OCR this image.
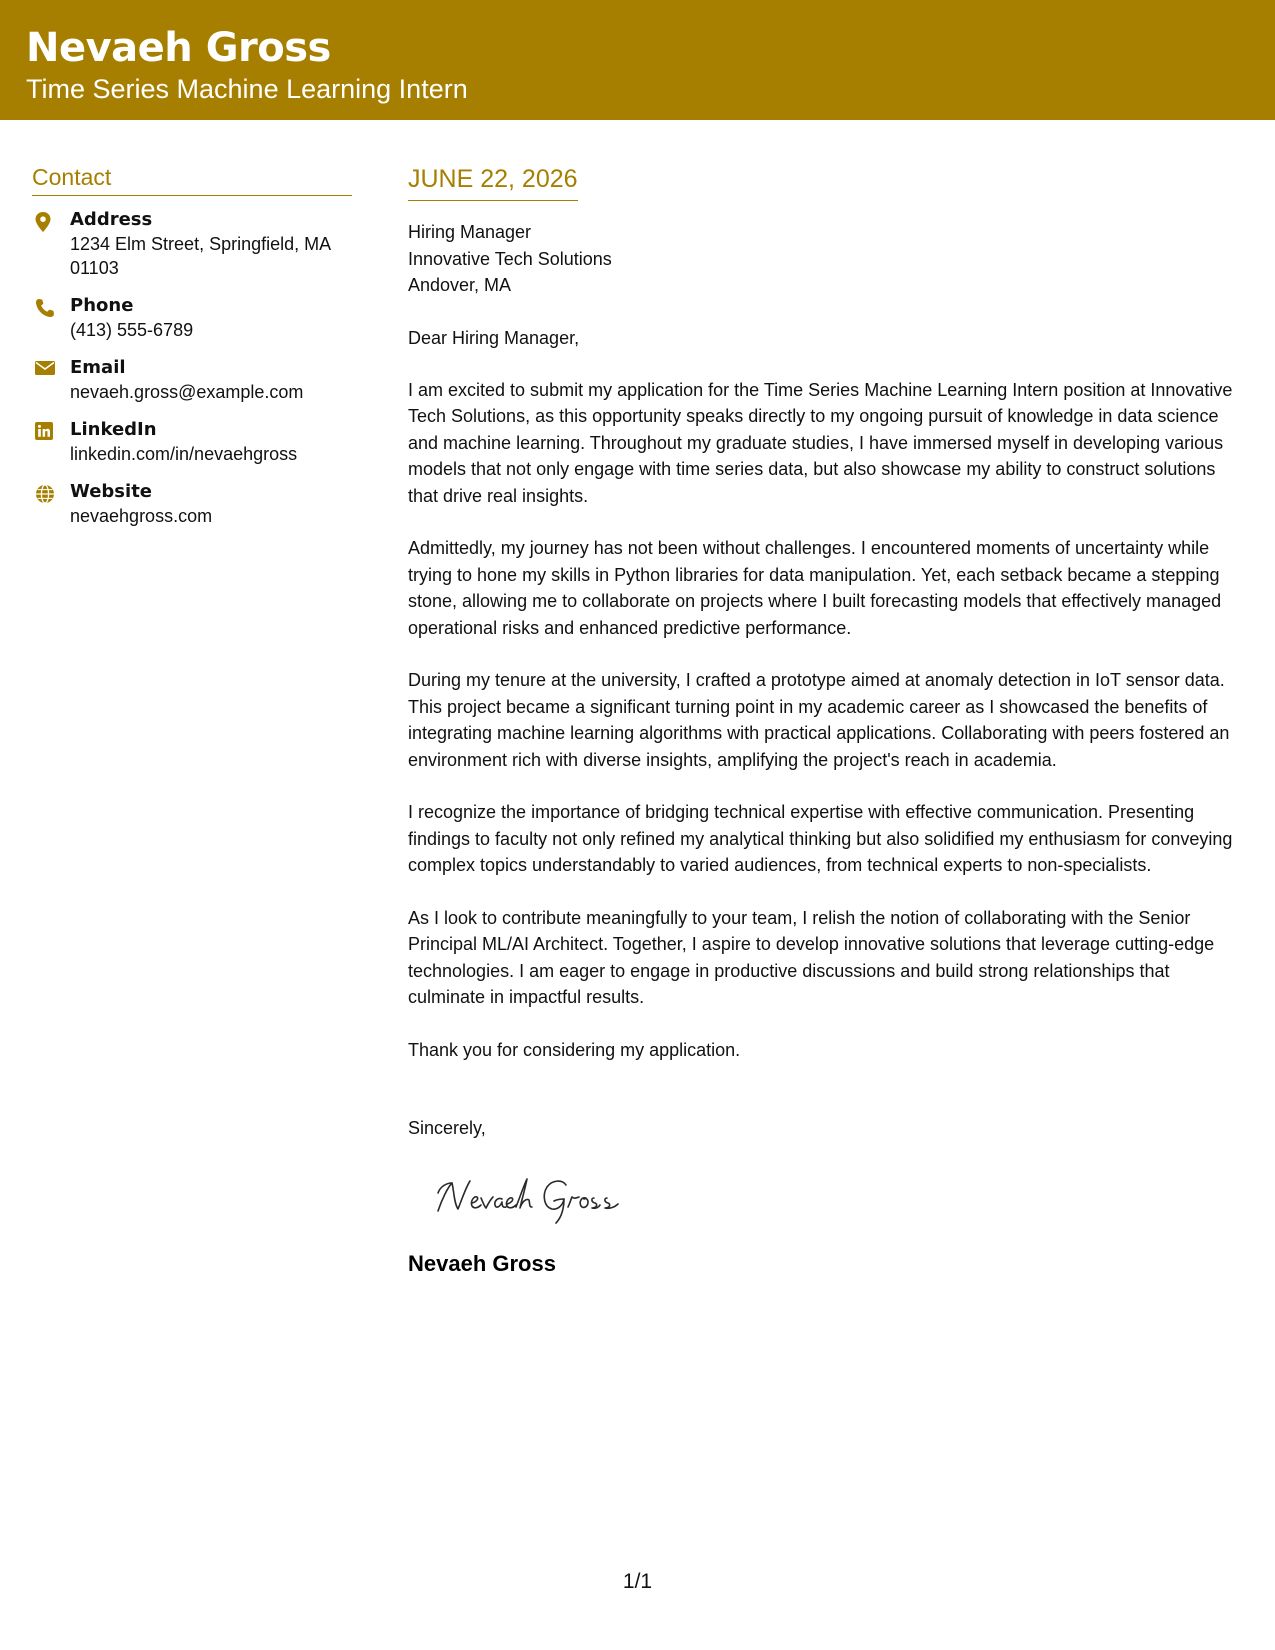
Nevaeh Gross
Time Series Machine Learning Intern
Contact
Address
1234 Elm Street, Springfield, MA 01103
Phone
(413) 555-6789
Email
nevaeh.gross@example.com
LinkedIn
linkedin.com/in/nevaehgross
Website
nevaehgross.com
JUNE 22, 2026
Hiring Manager
Innovative Tech Solutions
Andover, MA
Dear Hiring Manager,
I am excited to submit my application for the Time Series Machine Learning Intern position at Innovative Tech Solutions, as this opportunity speaks directly to my ongoing pursuit of knowledge in data science and machine learning. Throughout my graduate studies, I have immersed myself in developing various models that not only engage with time series data, but also showcase my ability to construct solutions that drive real insights.
Admittedly, my journey has not been without challenges. I encountered moments of uncertainty while trying to hone my skills in Python libraries for data manipulation. Yet, each setback became a stepping stone, allowing me to collaborate on projects where I built forecasting models that effectively managed operational risks and enhanced predictive performance.
During my tenure at the university, I crafted a prototype aimed at anomaly detection in IoT sensor data. This project became a significant turning point in my academic career as I showcased the benefits of integrating machine learning algorithms with practical applications. Collaborating with peers fostered an environment rich with diverse insights, amplifying the project's reach in academia.
I recognize the importance of bridging technical expertise with effective communication. Presenting findings to faculty not only refined my analytical thinking but also solidified my enthusiasm for conveying complex topics understandably to varied audiences, from technical experts to non-specialists.
As I look to contribute meaningfully to your team, I relish the notion of collaborating with the Senior Principal ML/AI Architect. Together, I aspire to develop innovative solutions that leverage cutting-edge technologies. I am eager to engage in productive discussions and build strong relationships that culminate in impactful results.
Thank you for considering my application.
Sincerely,
Nevaeh Gross
1/1
